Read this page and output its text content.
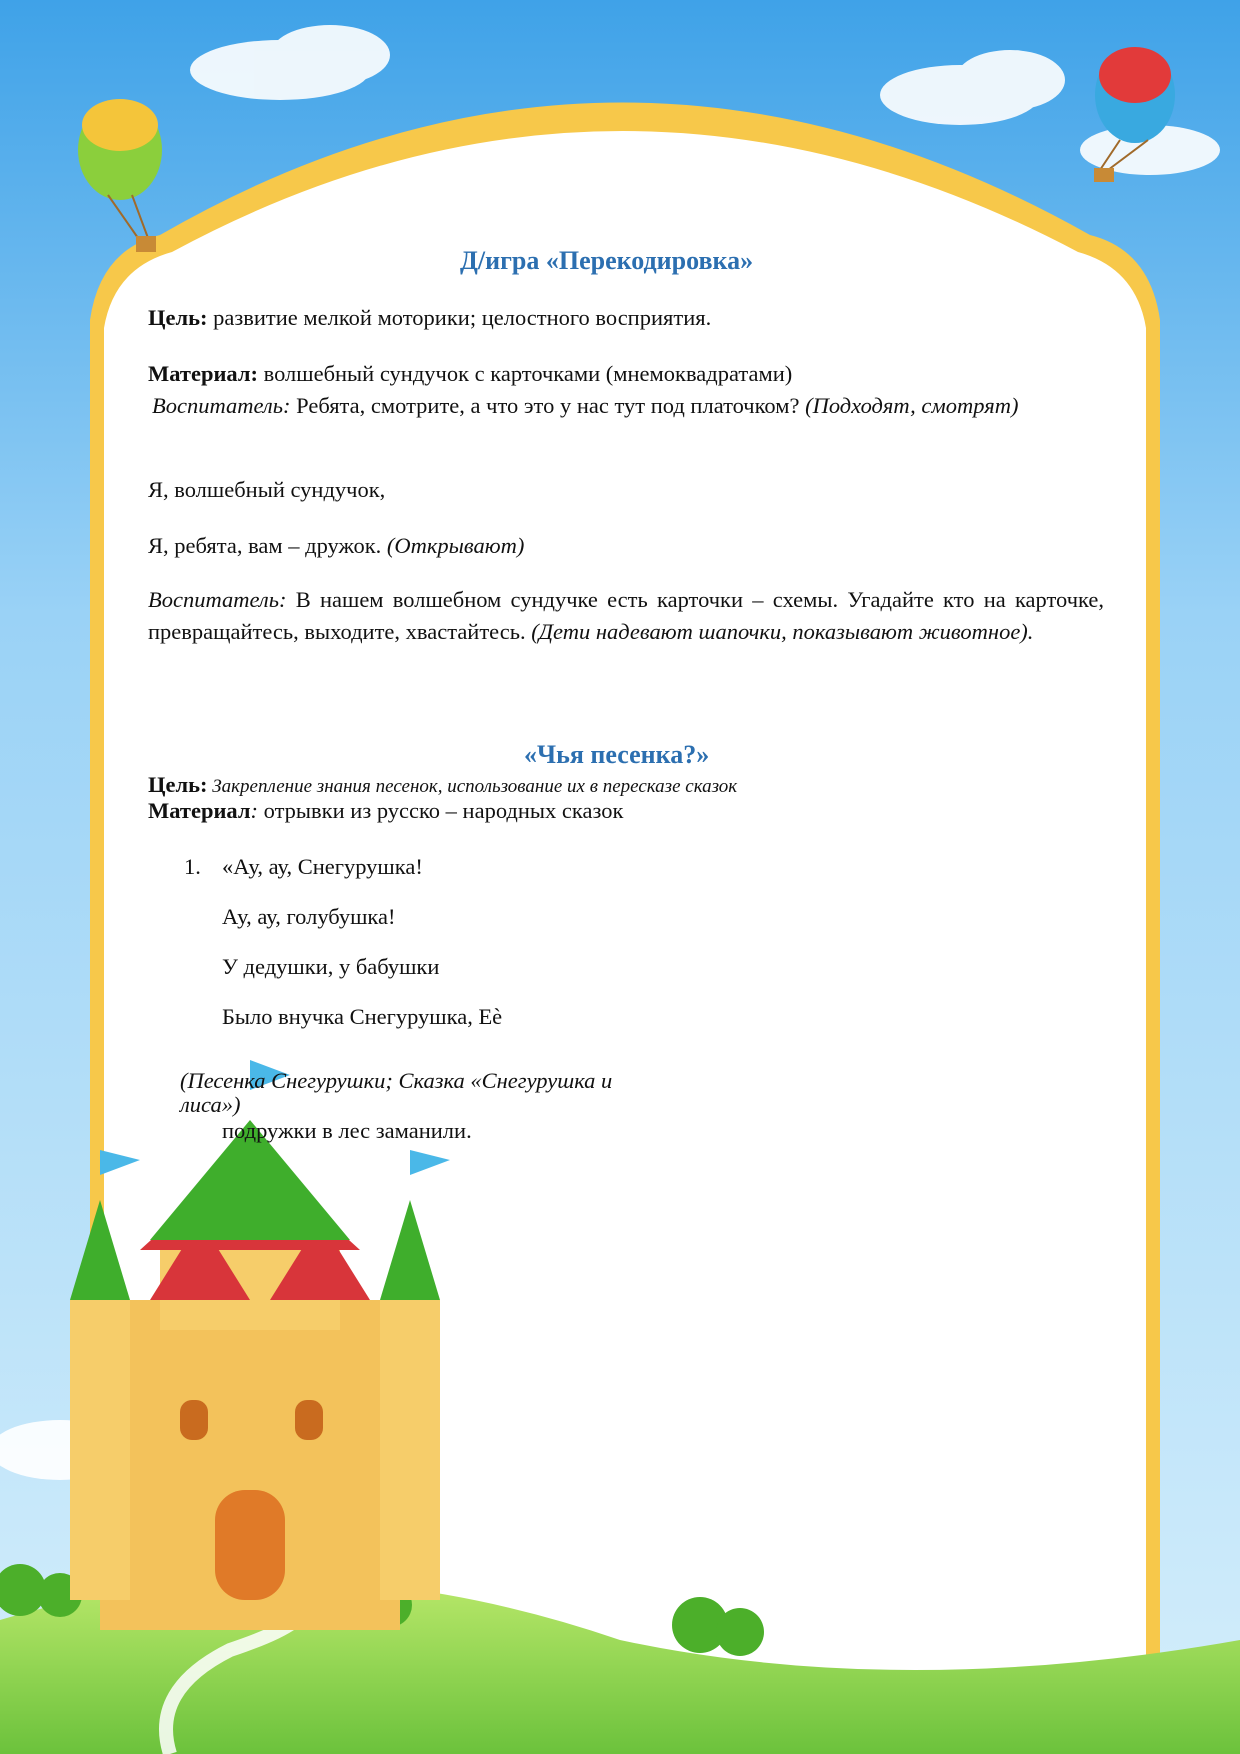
Д/игра «Перекодировка»

Цель: развитие мелкой моторики; целостного восприятия.

Материал: волшебный сундучок с карточками (мнемоквадратами)

Воспитатель: Ребята, смотрите, а что это у нас тут под платочком? (Подходят, смотрят)

Я, волшебный сундучок,

Я, ребята, вам – дружок. (Открывают)

Воспитатель: В нашем волшебном сундучке есть карточки – схемы. Угадайте кто на карточке, превращайтесь, выходите, хвастайтесь. (Дети надевают шапочки, показывают животное).

«Чья песенка?»

Цель: Закрепление знания песенок, использование их в пересказе сказок

Материал: отрывки из русско – народных сказок

1. «Ау, ау, Снегурушка!

Ау, ау, голубушка!

У дедушки, у бабушки

Было внучка Снегурушка, Еè

(Песенка Снегурушки; Сказка «Снегурушка и

лиса»)

подружки в лес заманили.
